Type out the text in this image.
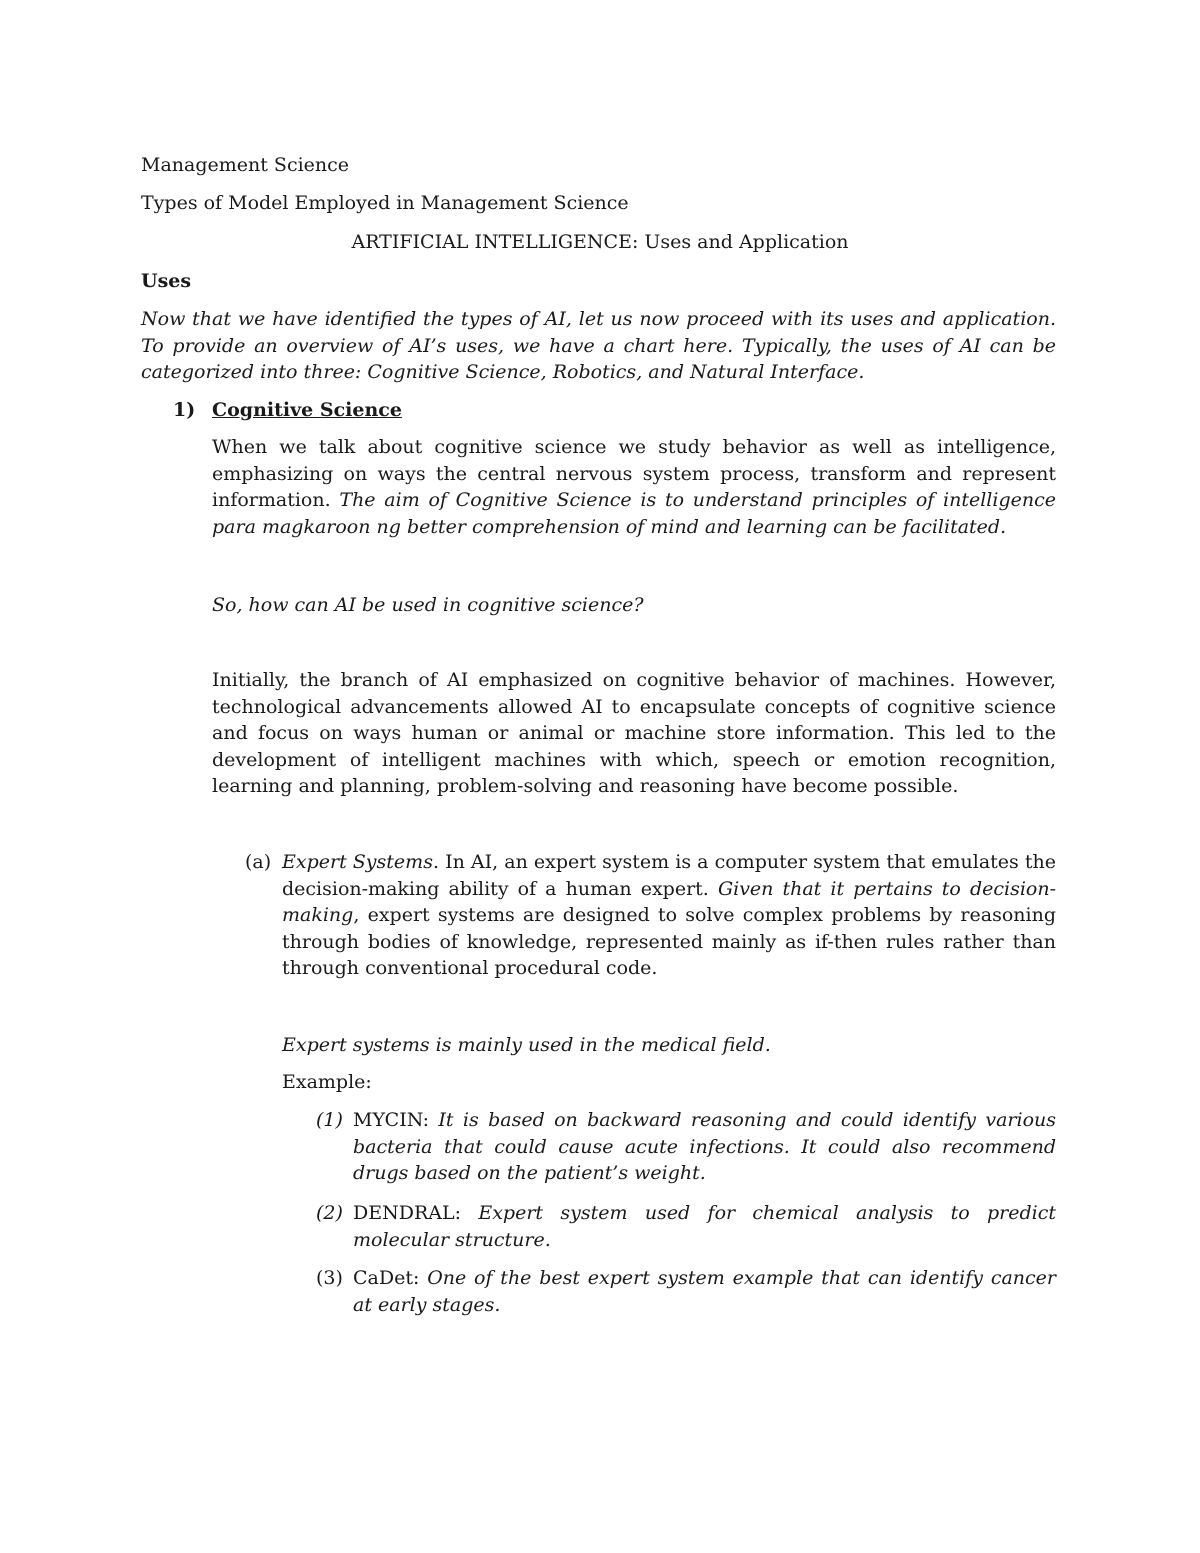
Management Science
Types of Model Employed in Management Science
ARTIFICIAL INTELLIGENCE: Uses and Application
Uses
Now that we have identified the types of AI, let us now proceed with its uses and application. To provide an overview of AI’s uses, we have a chart here. Typically, the uses of AI can be categorized into three: Cognitive Science, Robotics, and Natural Interface.
1) Cognitive Science
When we talk about cognitive science we study behavior as well as intelligence, emphasizing on ways the central nervous system process, transform and represent information. The aim of Cognitive Science is to understand principles of intelligence para magkaroon ng better comprehension of mind and learning can be facilitated.
So, how can AI be used in cognitive science?
Initially, the branch of AI emphasized on cognitive behavior of machines. However, technological advancements allowed AI to encapsulate concepts of cognitive science and focus on ways human or animal or machine store information. This led to the development of intelligent machines with which, speech or emotion recognition, learning and planning, problem-solving and reasoning have become possible.
(a) Expert Systems. In AI, an expert system is a computer system that emulates the decision-making ability of a human expert. Given that it pertains to decision-making, expert systems are designed to solve complex problems by reasoning through bodies of knowledge, represented mainly as if-then rules rather than through conventional procedural code.
Expert systems is mainly used in the medical field.
Example:
(1) MYCIN: It is based on backward reasoning and could identify various bacteria that could cause acute infections. It could also recommend drugs based on the patient’s weight.
(2) DENDRAL: Expert system used for chemical analysis to predict molecular structure.
(3) CaDet: One of the best expert system example that can identify cancer at early stages.
